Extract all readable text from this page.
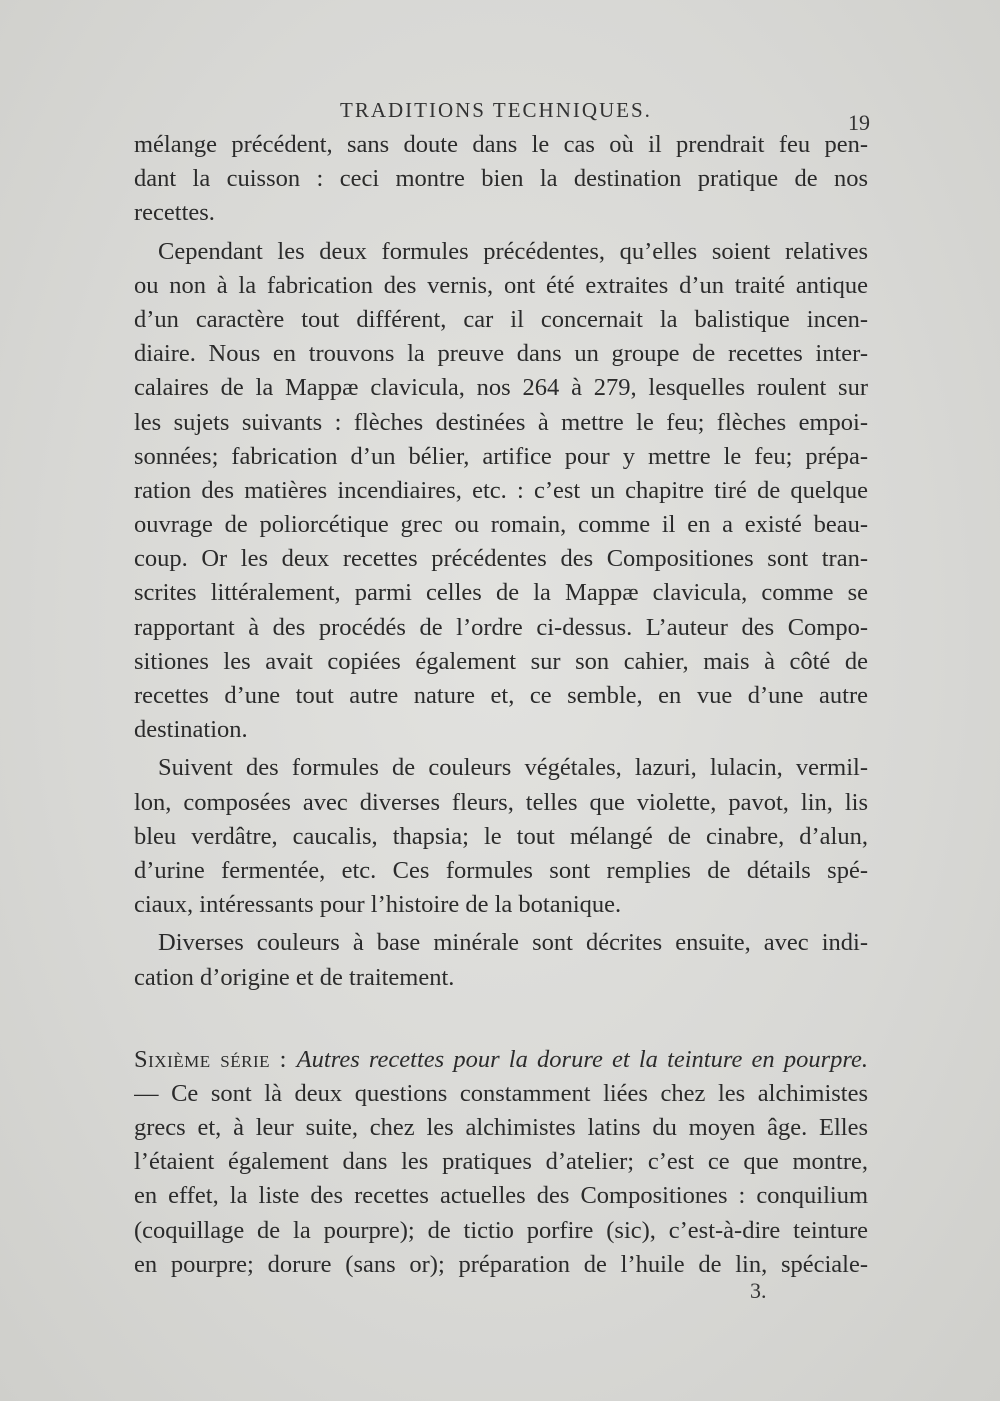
TRADITIONS TECHNIQUES.	19
mélange précédent, sans doute dans le cas où il prendrait feu pen-
dant la cuisson : ceci montre bien la destination pratique de nos
recettes.
Cependant les deux formules précédentes, qu’elles soient relatives
ou non à la fabrication des vernis, ont été extraites d’un traité antique
d’un caractère tout différent, car il concernait la balistique incen-
diaire. Nous en trouvons la preuve dans un groupe de recettes inter-
calaires de la Mappæ clavicula, nos 264 à 279, lesquelles roulent sur
les sujets suivants : flèches destinées à mettre le feu; flèches empoi-
sonnées; fabrication d’un bélier, artifice pour y mettre le feu; prépa-
ration des matières incendiaires, etc. : c’est un chapitre tiré de quelque
ouvrage de poliorcétique grec ou romain, comme il en a existé beau-
coup. Or les deux recettes précédentes des Compositiones sont tran-
scrites littéralement, parmi celles de la Mappæ clavicula, comme se
rapportant à des procédés de l’ordre ci-dessus. L’auteur des Compo-
sitiones les avait copiées également sur son cahier, mais à côté de
recettes d’une tout autre nature et, ce semble, en vue d’une autre
destination.
Suivent des formules de couleurs végétales, lazuri, lulacin, vermil-
lon, composées avec diverses fleurs, telles que violette, pavot, lin, lis
bleu verdâtre, caucalis, thapsia; le tout mélangé de cinabre, d’alun,
d’urine fermentée, etc. Ces formules sont remplies de détails spé-
ciaux, intéressants pour l’histoire de la botanique.
Diverses couleurs à base minérale sont décrites ensuite, avec indi-
cation d’origine et de traitement.
Sixième série : Autres recettes pour la dorure et la teinture en pourpre.
— Ce sont là deux questions constamment liées chez les alchimistes
grecs et, à leur suite, chez les alchimistes latins du moyen âge. Elles
l’étaient également dans les pratiques d’atelier; c’est ce que montre,
en effet, la liste des recettes actuelles des Compositiones : conquilium
(coquillage de la pourpre); de tictio porfire (sic), c’est-à-dire teinture
en pourpre; dorure (sans or); préparation de l’huile de lin, spéciale-
3.
